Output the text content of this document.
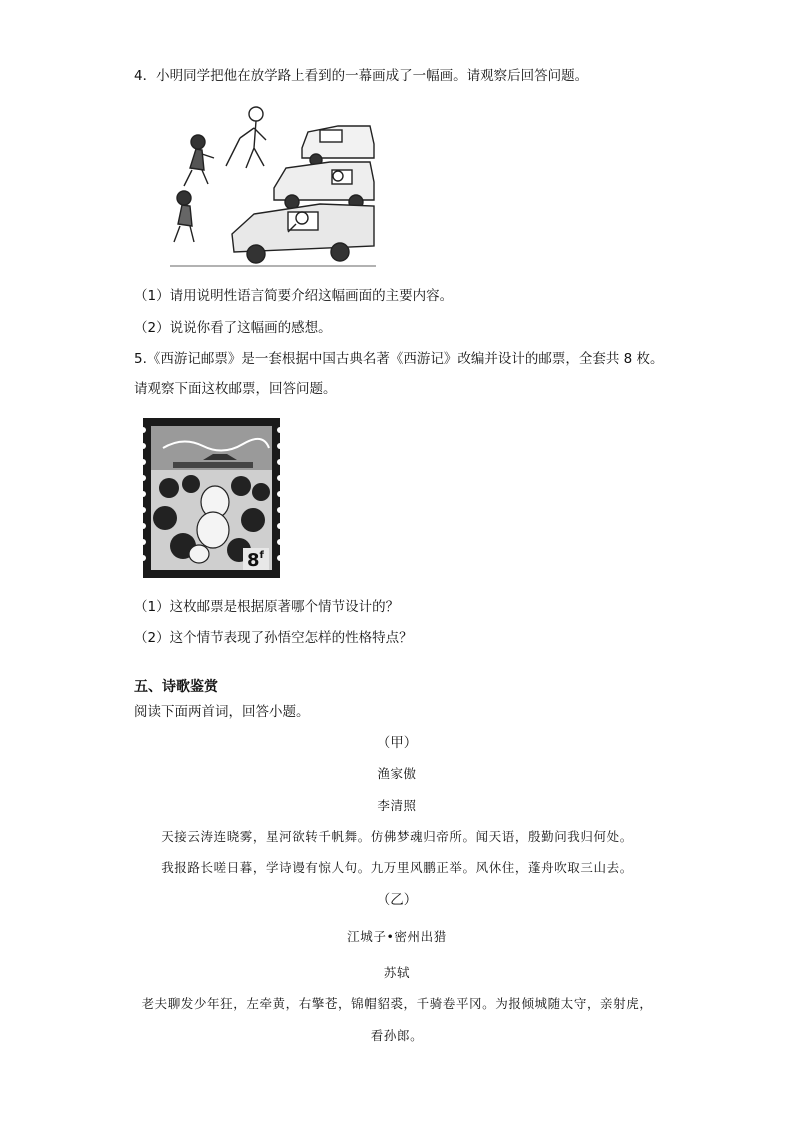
4．小明同学把他在放学路上看到的一幕画成了一幅画。请观察后回答问题。
（1）请用说明性语言简要介绍这幅画面的主要内容。
（2）说说你看了这幅画的感想。
5.《西游记邮票》是一套根据中国古典名著《西游记》改编并设计的邮票，全套共 8 枚。
请观察下面这枚邮票，回答问题。
8$^f$
（1）这枚邮票是根据原著哪个情节设计的？
（2）这个情节表现了孙悟空怎样的性格特点？
五、诗歌鉴赏
阅读下面两首词，回答小题。
（甲）
渔家傲
李清照
天接云涛连晓雾，星河欲转千帆舞。仿佛梦魂归帝所。闻天语，殷勤问我归何处。
我报路长嗟日暮，学诗谩有惊人句。九万里风鹏正举。风休住，蓬舟吹取三山去。
（乙）
江城子•密州出猎
苏轼
老夫聊发少年狂，左牵黄，右擎苍，锦帽貂裘，千骑卷平冈。为报倾城随太守，亲射虎，
看孙郎。
